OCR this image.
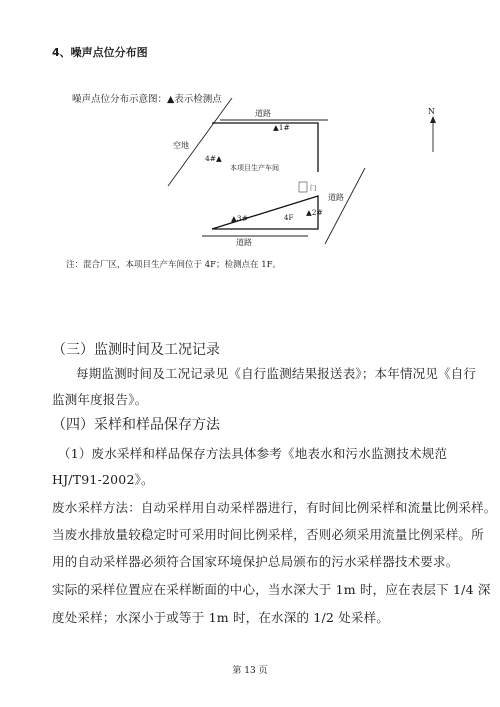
4、噪声点位分布图
噪声点位分布示意图：▲表示检测点
道路
空地
本项目生产车间
门
道路
4F
道路
N
▲1#
▲2#
▲3#
4#▲
注：混合厂区，本项目生产车间位于 4F；检测点在 1F。
（三）监测时间及工况记录
每期监测时间及工况记录见《自行监测结果报送表》；本年情况见《自行
监测年度报告》。
（四）采样和样品保存方法
（1）废水采样和样品保存方法具体参考《地表水和污水监测技术规范
HJ/T91-2002》。
废水采样方法：自动采样用自动采样器进行，有时间比例采样和流量比例采样。
当废水排放量较稳定时可采用时间比例采样，否则必须采用流量比例采样。所
用的自动采样器必须符合国家环境保护总局颁布的污水采样器技术要求。
实际的采样位置应在采样断面的中心，当水深大于 1m 时，应在表层下 1/4 深
度处采样；水深小于或等于 1m 时，在水深的 1/2 处采样。
第 13 页
